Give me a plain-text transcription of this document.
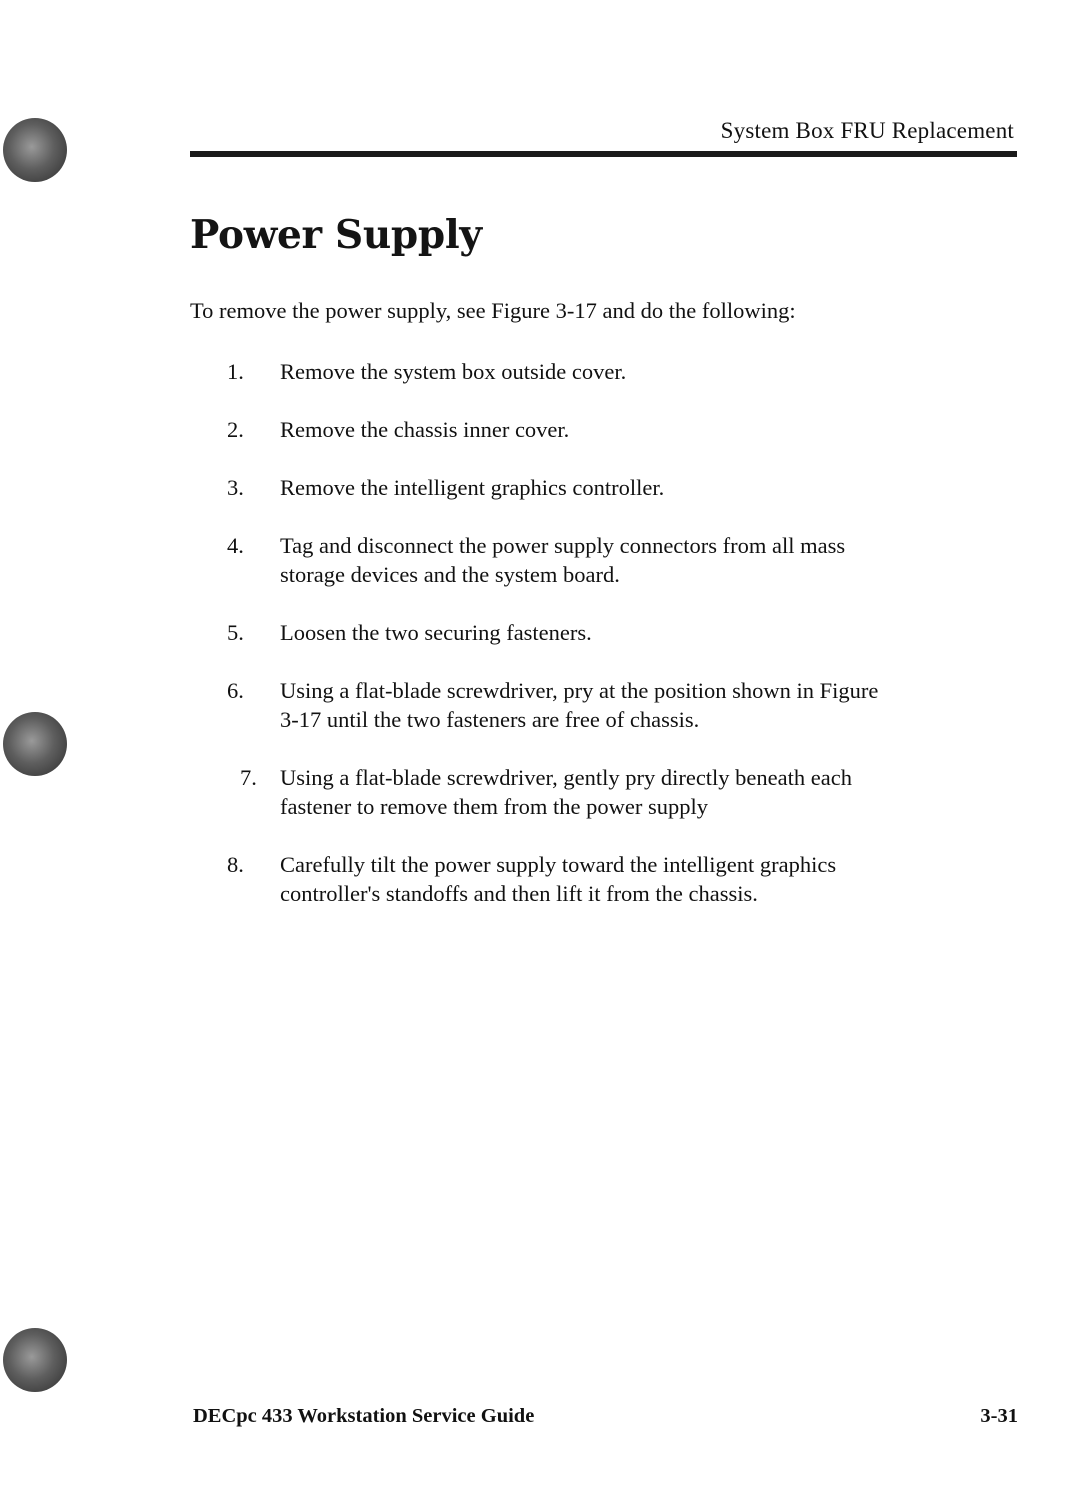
System Box FRU Replacement
Power Supply
To remove the power supply, see Figure 3-17 and do the following:
1. Remove the system box outside cover.
2. Remove the chassis inner cover.
3. Remove the intelligent graphics controller.
4. Tag and disconnect the power supply connectors from all mass storage devices and the system board.
5. Loosen the two securing fasteners.
6. Using a flat-blade screwdriver, pry at the position shown in Figure 3-17 until the two fasteners are free of chassis.
7. Using a flat-blade screwdriver, gently pry directly beneath each fastener to remove them from the power supply
8. Carefully tilt the power supply toward the intelligent graphics controller's standoffs and then lift it from the chassis.
DECpc 433 Workstation Service Guide	3-31
